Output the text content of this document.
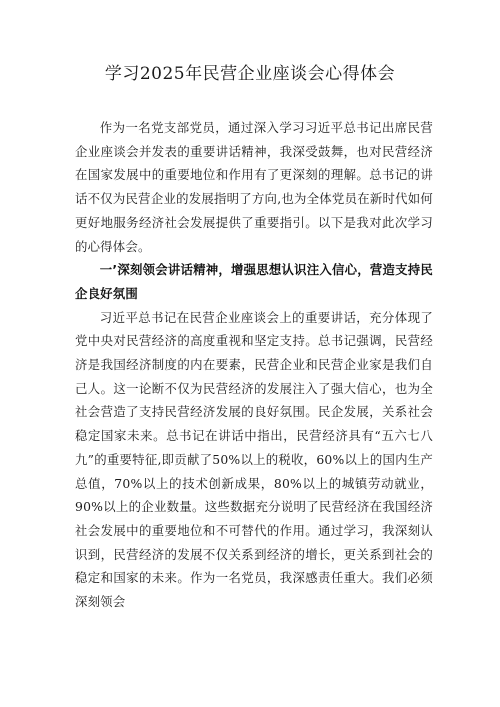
学习2025年民营企业座谈会心得体会

作为一名党支部党员，通过深入学习习近平总书记出席民营企业座谈会并发表的重要讲话精神，我深受鼓舞，也对民营经济在国家发展中的重要地位和作用有了更深刻的理解。总书记的讲话不仅为民营企业的发展指明了方向,也为全体党员在新时代如何更好地服务经济社会发展提供了重要指引。以下是我对此次学习的心得体会。

一’深刻领会讲话精神，增强思想认识注入信心，营造支持民企良好氛围

习近平总书记在民营企业座谈会上的重要讲话，充分体现了党中央对民营经济的高度重视和坚定支持。总书记强调，民营经济是我国经济制度的内在要素，民营企业和民营企业家是我们自己人。这一论断不仅为民营经济的发展注入了强大信心，也为全社会营造了支持民营经济发展的良好氛围。民企发展，关系社会稳定国家未来。总书记在讲话中指出，民营经济具有“五六七八九”的重要特征,即贡献了50%以上的税收，60%以上的国内生产总值，70%以上的技术创新成果，80%以上的城镇劳动就业，90%以上的企业数量。这些数据充分说明了民营经济在我国经济社会发展中的重要地位和不可替代的作用。通过学习，我深刻认识到，民营经济的发展不仅关系到经济的增长，更关系到社会的稳定和国家的未来。作为一名党员，我深感责任重大。我们必须深刻领会
